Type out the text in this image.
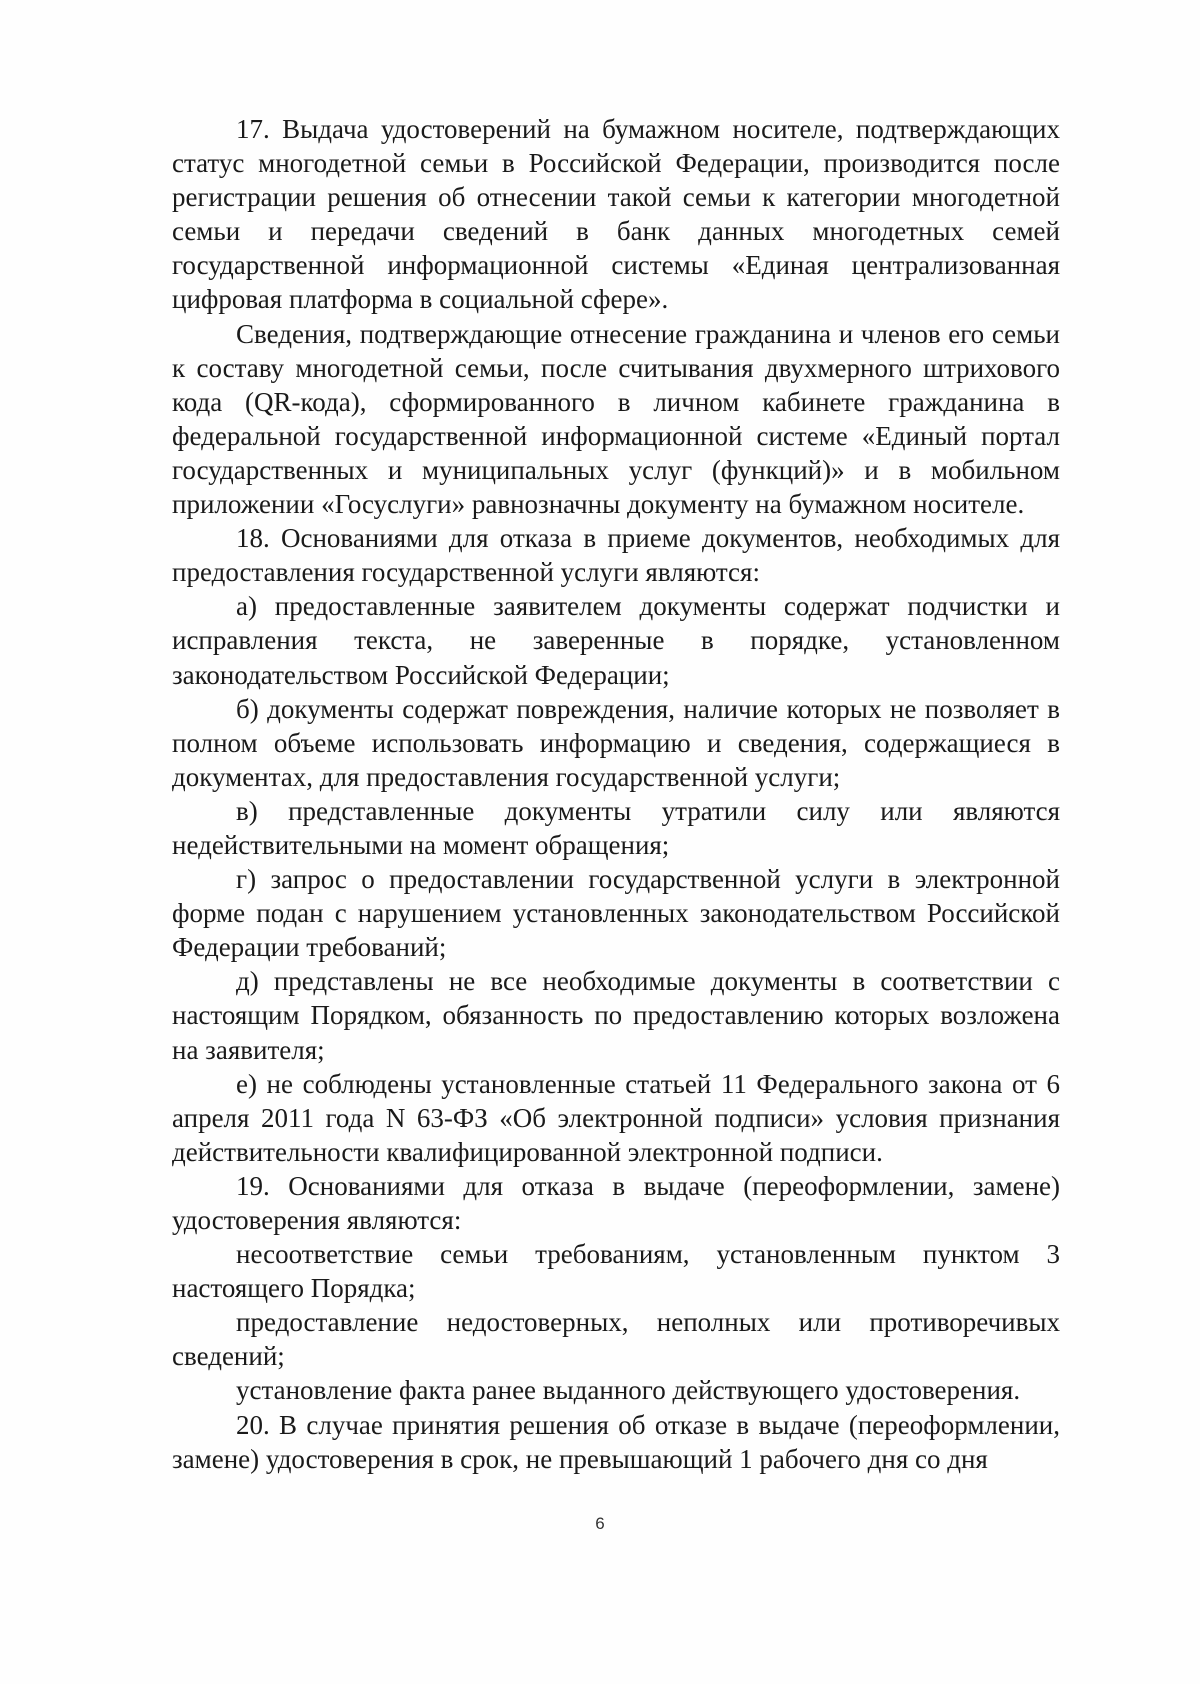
17. Выдача удостоверений на бумажном носителе, подтверждающих статус многодетной семьи в Российской Федерации, производится после регистрации решения об отнесении такой семьи к категории многодетной семьи и передачи сведений в банк данных многодетных семей государственной информационной системы «Единая централизованная цифровая платформа в социальной сфере».

Сведения, подтверждающие отнесение гражданина и членов его семьи к составу многодетной семьи, после считывания двухмерного штрихового кода (QR-кода), сформированного в личном кабинете гражданина в федеральной государственной информационной системе «Единый портал государственных и муниципальных услуг (функций)» и в мобильном приложении «Госуслуги» равнозначны документу на бумажном носителе.

18. Основаниями для отказа в приеме документов, необходимых для предоставления государственной услуги являются:

а) предоставленные заявителем документы содержат подчистки и исправления текста, не заверенные в порядке, установленном законодательством Российской Федерации;

б) документы содержат повреждения, наличие которых не позволяет в полном объеме использовать информацию и сведения, содержащиеся в документах, для предоставления государственной услуги;

в) представленные документы утратили силу или являются недействительными на момент обращения;

г) запрос о предоставлении государственной услуги в электронной форме подан с нарушением установленных законодательством Российской Федерации требований;

д) представлены не все необходимые документы в соответствии с настоящим Порядком, обязанность по предоставлению которых возложена на заявителя;

е) не соблюдены установленные статьей 11 Федерального закона от 6 апреля 2011 года N 63-ФЗ «Об электронной подписи» условия признания действительности квалифицированной электронной подписи.

19. Основаниями для отказа в выдаче (переоформлении, замене) удостоверения являются:

несоответствие семьи требованиям, установленным пунктом 3 настоящего Порядка;

предоставление недостоверных, неполных или противоречивых сведений;

установление факта ранее выданного действующего удостоверения.

20. В случае принятия решения об отказе в выдаче (переоформлении, замене) удостоверения в срок, не превышающий 1 рабочего дня со дня

6
